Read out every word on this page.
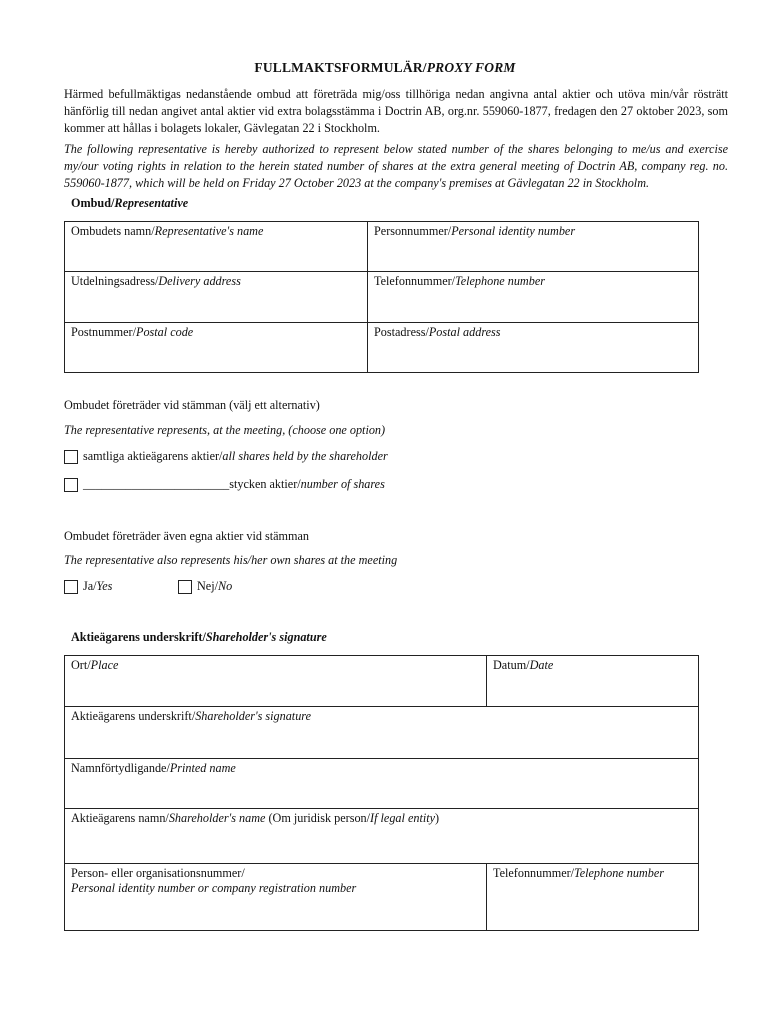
FULLMAKTSFORMULÄR/PROXY FORM
Härmed befullmäktigas nedanstående ombud att företräda mig/oss tillhöriga nedan angivna antal aktier och utöva min/vår rösträtt hänförlig till nedan angivet antal aktier vid extra bolagsstämma i Doctrin AB, org.nr. 559060-1877, fredagen den 27 oktober 2023, som kommer att hållas i bolagets lokaler, Gävlegatan 22 i Stockholm.
The following representative is hereby authorized to represent below stated number of the shares belonging to me/us and exercise my/our voting rights in relation to the herein stated number of shares at the extra general meeting of Doctrin AB, company reg. no. 559060-1877, which will be held on Friday 27 October 2023 at the company's premises at Gävlegatan 22 in Stockholm.
Ombud/Representative
Ombudets namn/Representative's name	Personnummer/Personal identity number
Utdelningsadress/Delivery address	Telefonnummer/Telephone number
Postnummer/Postal code	Postadress/Postal address
Ombudet företräder vid stämman (välj ett alternativ)
The representative represents, at the meeting, (choose one option)
samtliga aktieägarens aktier/ all shares held by the shareholder
________________________ stycken aktier/ number of shares
Ombudet företräder även egna aktier vid stämman
The representative also represents his/her own shares at the meeting
Ja/ Yes	Nej/ No
Aktieägarens underskrift/Shareholder's signature
Ort/Place	Datum/Date
Aktieägarens underskrift/Shareholder's signature	
Namnförtydligande/Printed name	
Aktieägarens namn/Shareholder's name (Om juridisk person/If legal entity)	
Person- eller organisationsnummer/
Personal identity number or company registration number	Telefonnummer/Telephone number
